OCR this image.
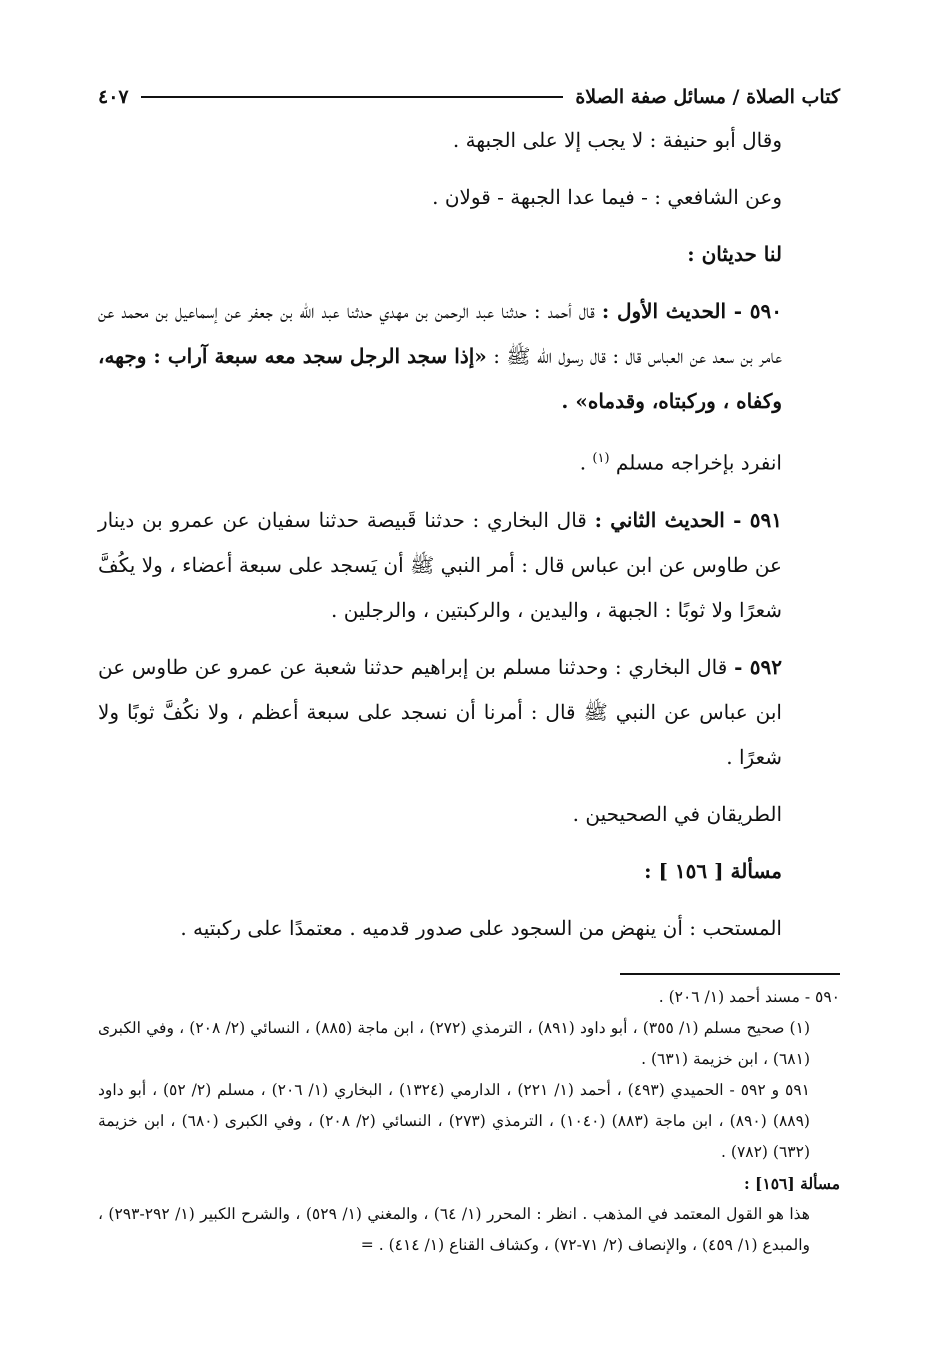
كتاب الصلاة / مسائل صفة الصلاة
٤٠٧
وقال أبو حنيفة : لا يجب إلا على الجبهة .
وعن الشافعي : - فيما عدا الجبهة - قولان .
لنا حديثان :
٥٩٠ - الحديث الأول : قال أحمد : حدثنا عبد الرحمن بن مهدي حدثنا عبد الله بن جعفر عن إسماعيل بن محمد عن عامر بن سعد عن العباس قال : قال رسول الله ﷺ : «إذا سجد الرجل سجد معه سبعة آراب : وجهه، وكفاه ، وركبتاه، وقدماه» .
انفرد بإخراجه مسلم $^{(١)}$ .
٥٩١ - الحديث الثاني : قال البخاري : حدثنا قَبيصة حدثنا سفيان عن عمرو بن دينار عن طاوس عن ابن عباس قال : أمر النبي ﷺ أن يَسجد على سبعة أعضاء ، ولا يكُفَّ شعرًا ولا ثوبًا : الجبهة ، واليدين ، والركبتين ، والرجلين .
٥٩٢ - قال البخاري : وحدثنا مسلم بن إبراهيم حدثنا شعبة عن عمرو عن طاوس عن ابن عباس عن النبي ﷺ قال : أمرنا أن نسجد على سبعة أعظم ، ولا نكُفَّ ثوبًا ولا شعرًا .
الطريقان في الصحيحين .
مسألة [ ١٥٦ ] :
المستحب : أن ينهض من السجود على صدور قدميه . معتمدًا على ركبتيه .
٥٩٠ - مسند أحمد (١/ ٢٠٦) .
(١) صحيح مسلم (١/ ٣٥٥) ، أبو داود (٨٩١) ، الترمذي (٢٧٢) ، ابن ماجة (٨٨٥) ، النسائي (٢/ ٢٠٨) ، وفي الكبرى (٦٨١) ، ابن خزيمة (٦٣١) .
٥٩١ و ٥٩٢ - الحميدي (٤٩٣) ، أحمد (١/ ٢٢١) ، الدارمي (١٣٢٤) ، البخاري (١/ ٢٠٦) ، مسلم (٢/ ٥٢) ، أبو داود (٨٨٩) (٨٩٠) ، ابن ماجة (٨٨٣) (١٠٤٠) ، الترمذي (٢٧٣) ، النسائي (٢/ ٢٠٨) ، وفي الكبرى (٦٨٠) ، ابن خزيمة (٦٣٢) (٧٨٢) .
مسألة [١٥٦] :
هذا هو القول المعتمد في المذهب . انظر : المحرر (١/ ٦٤) ، والمغني (١/ ٥٢٩) ، والشرح الكبير (١/ ٢٩٢-٢٩٣) ، والمبدع (١/ ٤٥٩) ، والإنصاف (٢/ ٧١-٧٢) ، وكشاف القناع (١/ ٤١٤) . =
